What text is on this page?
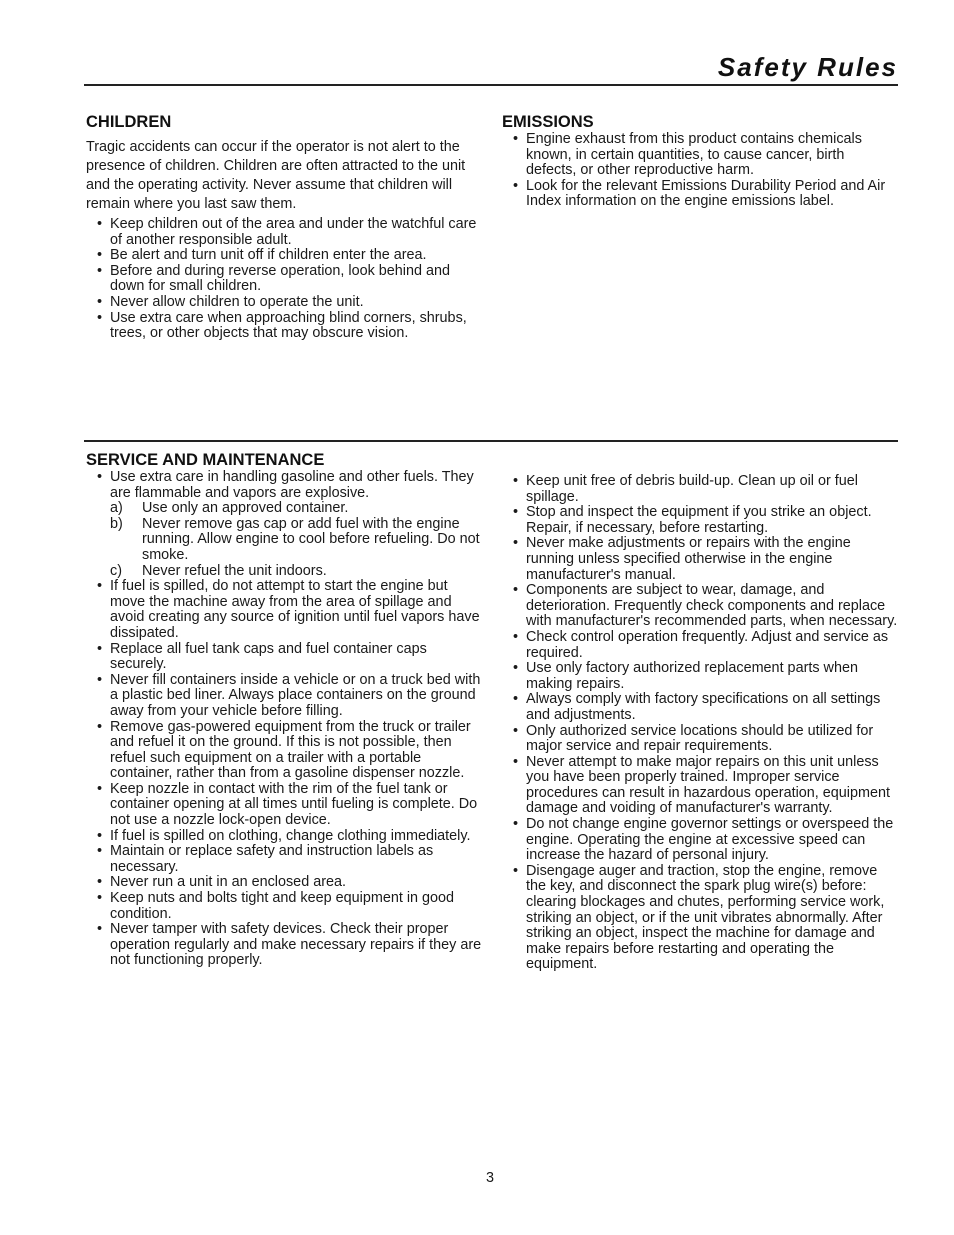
Safety Rules
CHILDREN

Tragic accidents can occur if the operator is not alert to the presence of children. Children are often attracted to the unit and the operating activity. Never assume that children will remain where you last saw them.

• Keep children out of the area and under the watchful care of another responsible adult.
• Be alert and turn unit off if children enter the area.
• Before and during reverse operation, look behind and down for small children.
• Never allow children to operate the unit.
• Use extra care when approaching blind corners, shrubs, trees, or other objects that may obscure vision.
EMISSIONS
• Engine exhaust from this product contains chemicals known, in certain quantities, to cause cancer, birth defects, or other reproductive harm.
• Look for the relevant Emissions Durability Period and Air Index information on the engine emissions label.
SERVICE AND MAINTENANCE
• Use extra care in handling gasoline and other fuels. They are flammable and vapors are explosive.
a) Use only an approved container.
b) Never remove gas cap or add fuel with the engine running. Allow engine to cool before refueling. Do not smoke.
c) Never refuel the unit indoors.
• If fuel is spilled, do not attempt to start the engine but move the machine away from the area of spillage and avoid creating any source of ignition until fuel vapors have dissipated.
• Replace all fuel tank caps and fuel container caps securely.
• Never fill containers inside a vehicle or on a truck bed with a plastic bed liner. Always place containers on the ground away from your vehicle before filling.
• Remove gas-powered equipment from the truck or trailer and refuel it on the ground. If this is not possible, then refuel such equipment on a trailer with a portable container, rather than from a gasoline dispenser nozzle.
• Keep nozzle in contact with the rim of the fuel tank or container opening at all times until fueling is complete. Do not use a nozzle lock-open device.
• If fuel is spilled on clothing, change clothing immediately.
• Maintain or replace safety and instruction labels as necessary.
• Never run a unit in an enclosed area.
• Keep nuts and bolts tight and keep equipment in good condition.
• Never tamper with safety devices. Check their proper operation regularly and make necessary repairs if they are not functioning properly.
• Keep unit free of debris build-up. Clean up oil or fuel spillage.
• Stop and inspect the equipment if you strike an object. Repair, if necessary, before restarting.
• Never make adjustments or repairs with the engine running unless specified otherwise in the engine manufacturer's manual.
• Components are subject to wear, damage, and deterioration. Frequently check components and replace with manufacturer's recommended parts, when necessary.
• Check control operation frequently. Adjust and service as required.
• Use only factory authorized replacement parts when making repairs.
• Always comply with factory specifications on all settings and adjustments.
• Only authorized service locations should be utilized for major service and repair requirements.
• Never attempt to make major repairs on this unit unless you have been properly trained. Improper service procedures can result in hazardous operation, equipment damage and voiding of manufacturer's warranty.
• Do not change engine governor settings or overspeed the engine. Operating the engine at excessive speed can increase the hazard of personal injury.
• Disengage auger and traction, stop the engine, remove the key, and disconnect the spark plug wire(s) before: clearing blockages and chutes, performing service work, striking an object, or if the unit vibrates abnormally. After striking an object, inspect the machine for damage and make repairs before restarting and operating the equipment.
3
